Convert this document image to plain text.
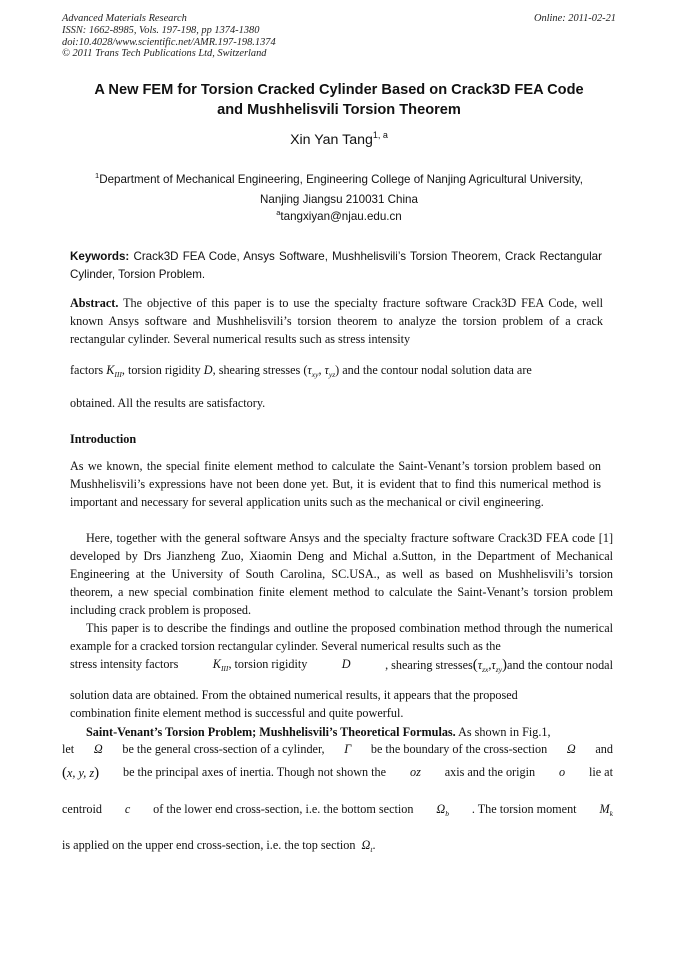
Advanced Materials Research
ISSN: 1662-8985, Vols. 197-198, pp 1374-1380
doi:10.4028/www.scientific.net/AMR.197-198.1374
© 2011 Trans Tech Publications Ltd, Switzerland
Online: 2011-02-21
A New FEM for Torsion Cracked Cylinder Based on Crack3D FEA Code
and Mushhelisvili Torsion Theorem
Xin Yan Tang$^{1, a}$
$^1$Department of Mechanical Engineering, Engineering College of Nanjing Agricultural University,
Nanjing Jiangsu 210031 China
$^a$tangxiyan@njau.edu.cn
Keywords: Crack3D FEA Code, Ansys Software, Mushhelisvili’s Torsion Theorem, Crack Rectangular Cylinder, Torsion Problem.
Abstract. The objective of this paper is to use the specialty fracture software Crack3D FEA Code, well known Ansys software and Mushhelisvili’s torsion theorem to analyze the torsion problem of a crack rectangular cylinder. Several numerical results such as stress intensity
factors $K_{III}$, torsion rigidity D, shearing stresses ($\tau_{xy}$, $\tau_{yz}$) and the contour nodal solution data are
obtained. All the results are satisfactory.
Introduction
As we known, the special finite element method to calculate the Saint-Venant’s torsion problem based on Mushhelisvili’s expressions have not been done yet. But, it is evident that to find this numerical method is important and necessary for several application units such as the mechanical or civil engineering.
Here, together with the general software Ansys and the specialty fracture software Crack3D FEA code [1] developed by Drs Jianzheng Zuo, Xiaomin Deng and Michal a.Sutton, in the Department of Mechanical Engineering at the University of South Carolina, SC.USA., as well as based on Mushhelisvili’s torsion theorem, a new special combination finite element method to calculate the Saint-Venant’s torsion problem including crack problem is proposed.
This paper is to describe the findings and outline the proposed combination method through the numerical example for a cracked torsion rectangular cylinder. Several numerical results such as the
stress intensity factors	$K_{III}$, torsion rigidity	D	, shearing $stresses(\tau_{zx},\tau_{zy})and$ the contour nodal
solution data are obtained. From the obtained numerical results, it appears that the proposed
combination finite element method is successful and quite powerful.
Saint-Venant’s Torsion Problem; Mushhelisvili’s Theoretical Formulas. As shown in Fig.1,
let Ω be the general cross-section of a cylinder, Γ be the boundary of the cross-section Ω and
(x, y, z) be the principal axes of inertia. Though not shown the oz axis and the origin o lie at
centroid c of the lower end cross-section, i.e. the bottom section $\Omega_b$ . The torsion moment $M_k$
is applied on the upper end cross-section, i.e. the top section $\Omega_t$.
